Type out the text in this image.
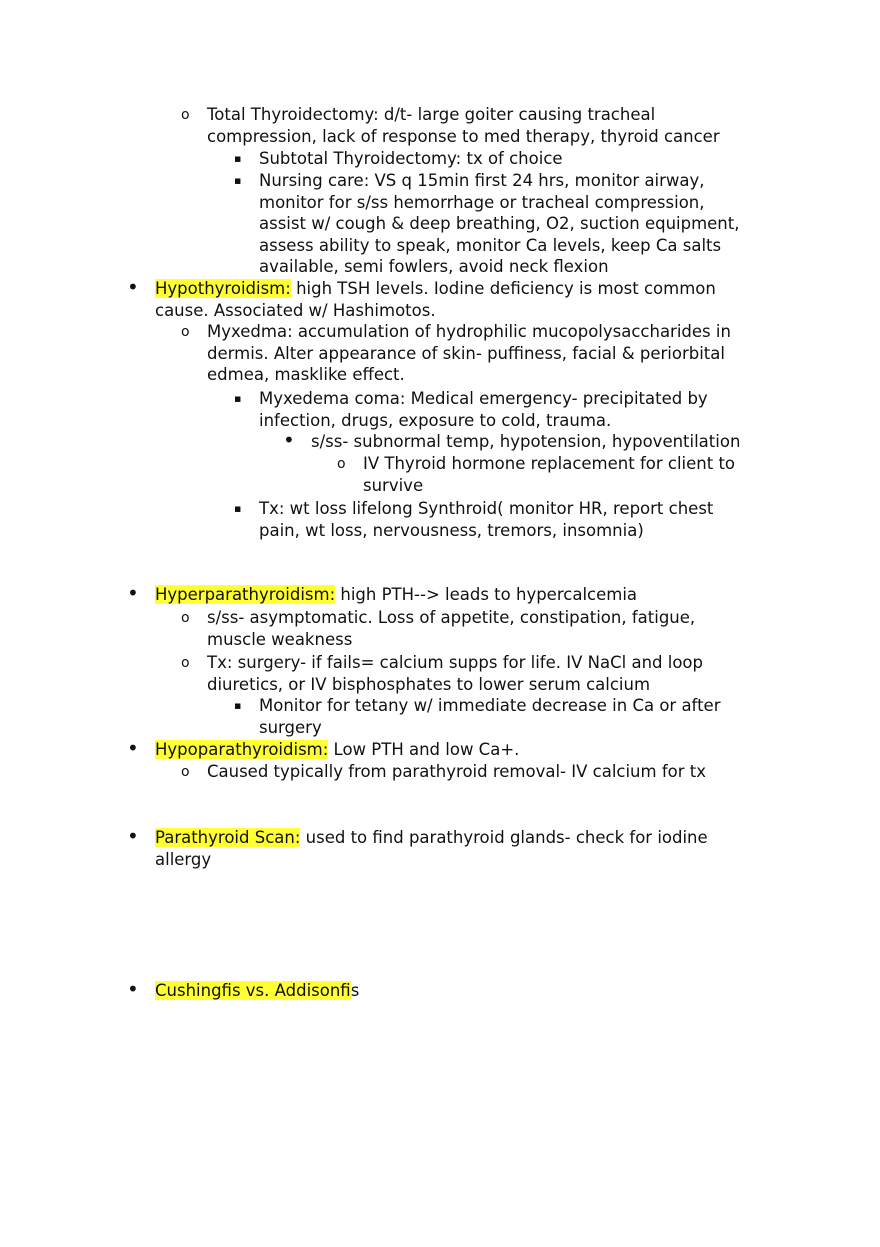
o Total Thyroidectomy: d/t- large goiter causing tracheal
compression, lack of response to med therapy, thyroid cancer
▪ Subtotal Thyroidectomy: tx of choice
▪ Nursing care: VS q 15min first 24 hrs, monitor airway,
monitor for s/ss hemorrhage or tracheal compression,
assist w/ cough & deep breathing, O2, suction equipment,
assess ability to speak, monitor Ca levels, keep Ca salts
available, semi fowlers, avoid neck flexion
• Hypothyroidism: high TSH levels. Iodine deficiency is most common
cause. Associated w/ Hashimotos.
o Myxedma: accumulation of hydrophilic mucopolysaccharides in
dermis. Alter appearance of skin- puffiness, facial & periorbital
edmea, masklike effect.
▪ Myxedema coma: Medical emergency- precipitated by
infection, drugs, exposure to cold, trauma.
• s/ss- subnormal temp, hypotension, hypoventilation
o IV Thyroid hormone replacement for client to
survive
▪ Tx: wt loss lifelong Synthroid( monitor HR, report chest
pain, wt loss, nervousness, tremors, insomnia)
• Hyperparathyroidism: high PTH--> leads to hypercalcemia
o s/ss- asymptomatic. Loss of appetite, constipation, fatigue,
muscle weakness
o Tx: surgery- if fails= calcium supps for life. IV NaCl and loop
diuretics, or IV bisphosphates to lower serum calcium
▪ Monitor for tetany w/ immediate decrease in Ca or after
surgery
• Hypoparathyroidism: Low PTH and low Ca+.
o Caused typically from parathyroid removal- IV calcium for tx
• Parathyroid Scan: used to find parathyroid glands- check for iodine
allergy
• Cushingfis vs. Addisonfis
